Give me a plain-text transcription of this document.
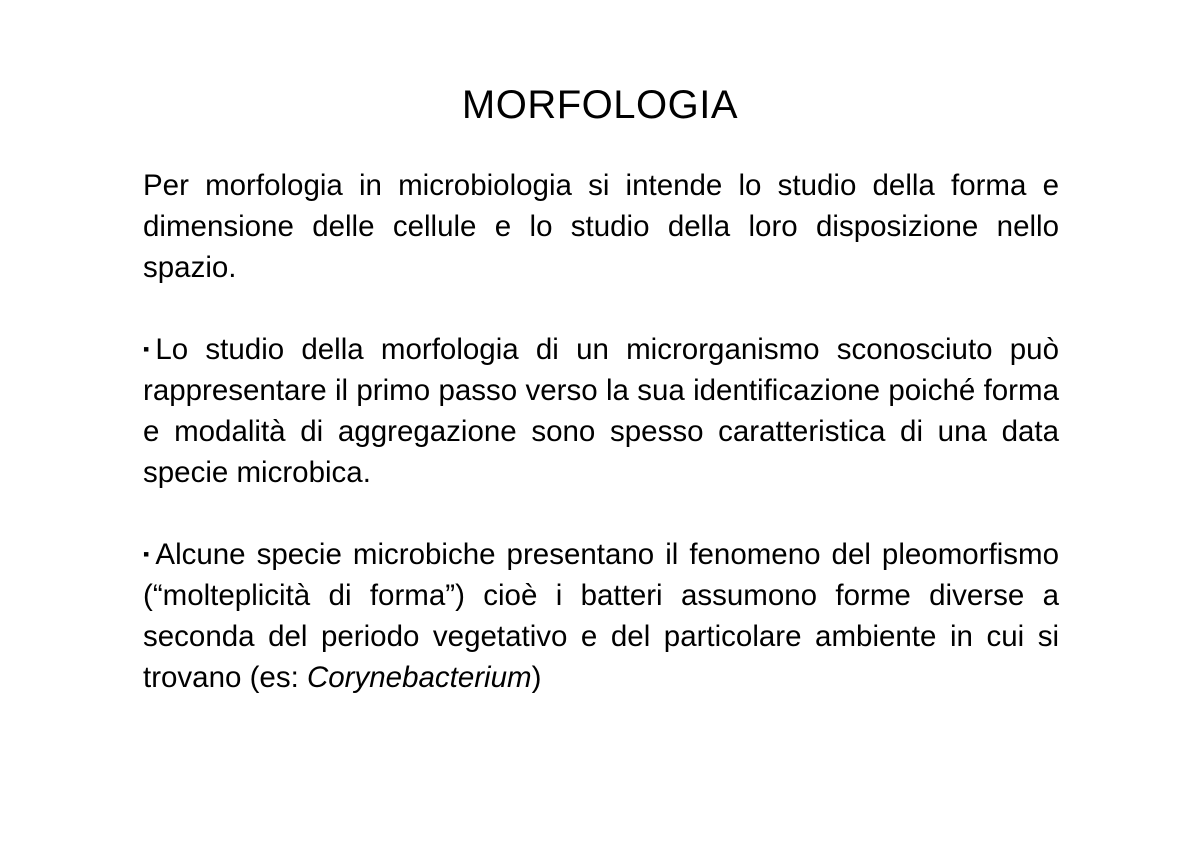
MORFOLOGIA

Per morfologia in microbiologia si intende lo studio della forma e dimensione delle cellule e lo studio della loro disposizione nello spazio.

▪ Lo studio della morfologia di un microrganismo sconosciuto può rappresentare il primo passo verso la sua identificazione poiché forma e modalità di aggregazione sono spesso caratteristica di una data specie microbica.

▪ Alcune specie microbiche presentano il fenomeno del pleomorfismo (“molteplicità di forma”) cioè i batteri assumono forme diverse a seconda del periodo vegetativo e del particolare ambiente in cui si trovano (es: Corynebacterium)
